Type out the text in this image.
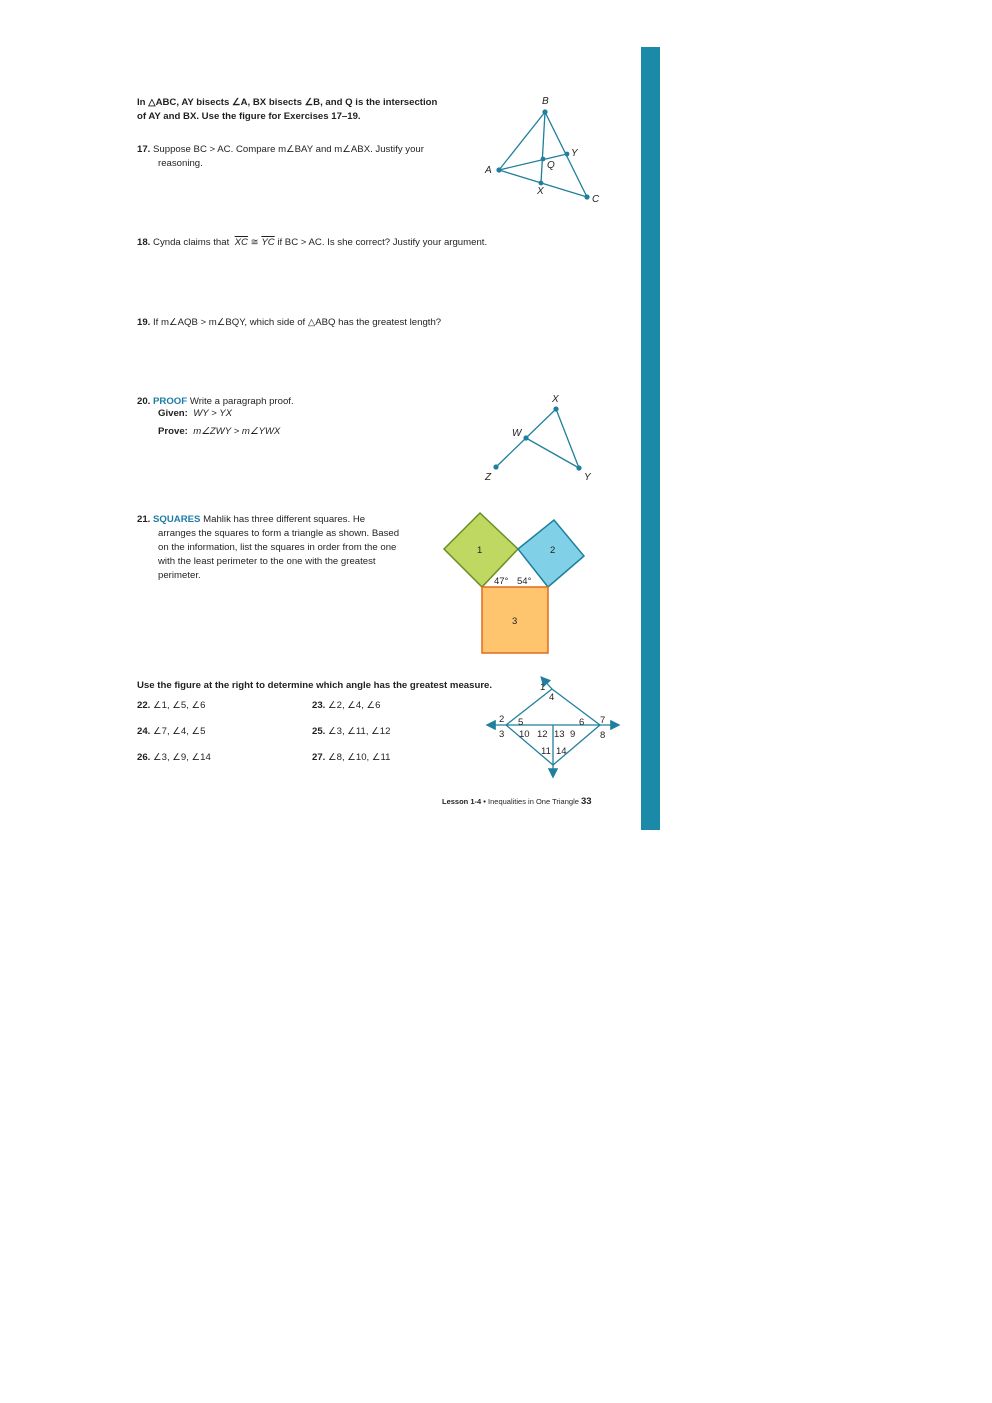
In △ABC, AY bisects ∠A, BX bisects ∠B, and Q is the intersection
of AY and BX. Use the figure for Exercises 17–19.
17. Suppose BC > AC. Compare m∠BAY and m∠ABX. Justify your
reasoning.
B
A
C
Y
X
Q
18. Cynda claims that $\overline{XC}$ ≅ $\overline{YC}$ if BC > AC. Is she correct? Justify your argument.
19. If m∠AQB > m∠BQY, which side of △ABQ has the greatest length?
20. PROOF Write a paragraph proof.
Given: WY > YX
Prove: m∠ZWY > m∠YWX
X
W
Z	Y
21. SQUARES Mahlik has three different squares. He
arranges the squares to form a triangle as shown. Based
on the information, list the squares in order from the one
with the least perimeter to the one with the greatest
perimeter.
1	2
3
47° 54°
Use the figure at the right to determine which angle has the greatest measure.
22. ∠1, ∠5, ∠6	23. ∠2, ∠4, ∠6
24. ∠7, ∠4, ∠5	25. ∠3, ∠11, ∠12
26. ∠3, ∠9, ∠14	27. ∠8, ∠10, ∠11
1
4
2
3
5	6 7
8
10 12 13 9
11 14
Lesson 1-4 • Inequalities in One Triangle 33
